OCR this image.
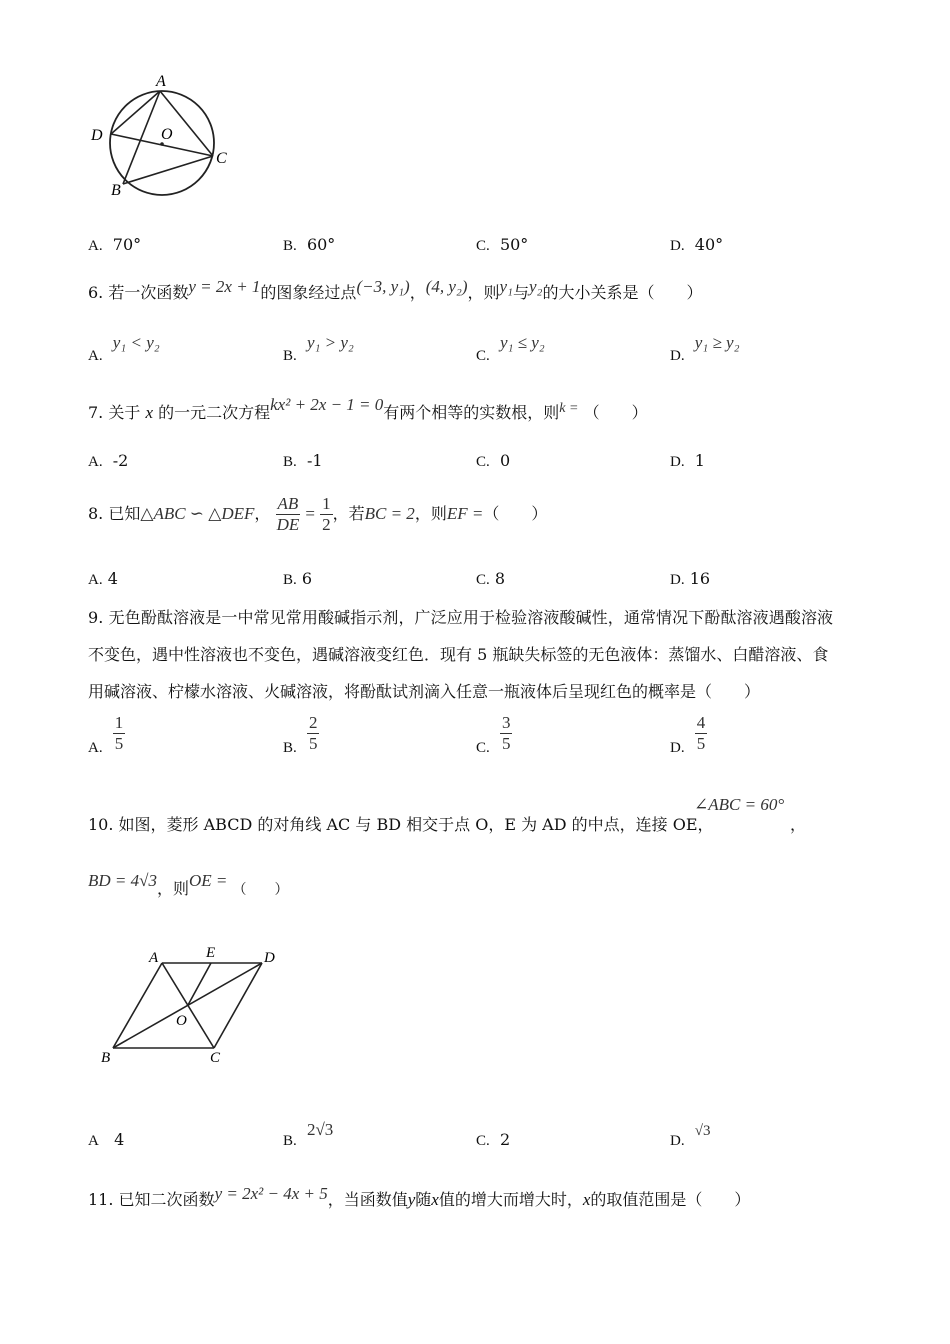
A
D	O
C
B
A. 70°	B. 60°	C. 50°	D. 40°
6. 若一次函数y = 2x + 1的图象经过点(−3, y₁)，(4, y₂)，则y₁与y₂的大小关系是（　　）
A.  y₁ < y₂
B.  y₁ > y₂
C.  y₁ ≤ y₂
D.  y₁ ≥ y₂
7. 关于 x 的一元二次方程kx² + 2x − 1 = 0有两个相等的实数根，则k = （　　）
A. -2	B. -1	C. 0	D. 1
8. 已知△ABC ∽ △DEF， $\frac{AB}{DE} = \frac{1}{2}$ ，若BC = 2，则EF =（　　）
A. 4	B. 6	C. 8	D. 16
9. 无色酚酞溶液是一中常见常用酸碱指示剂，广泛应用于检验溶液酸碱性，通常情况下酚酞溶液遇酸溶液
不变色，遇中性溶液也不变色，遇碱溶液变红色．现有 5 瓶缺失标签的无色液体：蒸馏水、白醋溶液、食
用碱溶液、柠檬水溶液、火碱溶液，将酚酞试剂滴入任意一瓶液体后呈现红色的概率是（　　）
A. $\frac{1}{5}$	B. $\frac{2}{5}$	C. $\frac{3}{5}$	D. $\frac{4}{5}$
10. 如图，菱形 ABCD 的对角线 AC 与 BD 相交于点 O，E 为 AD 的中点，连接 OE，
∠ABC = 60°
，
BD = 4√3，则OE = （　　）
A	E	D
O
B	C
A 4	B.  2√3
C. 2	D.  √3
11. 已知二次函数y = 2x² − 4x + 5，当函数值y随x值的增大而增大时，x的取值范围是（　　）
